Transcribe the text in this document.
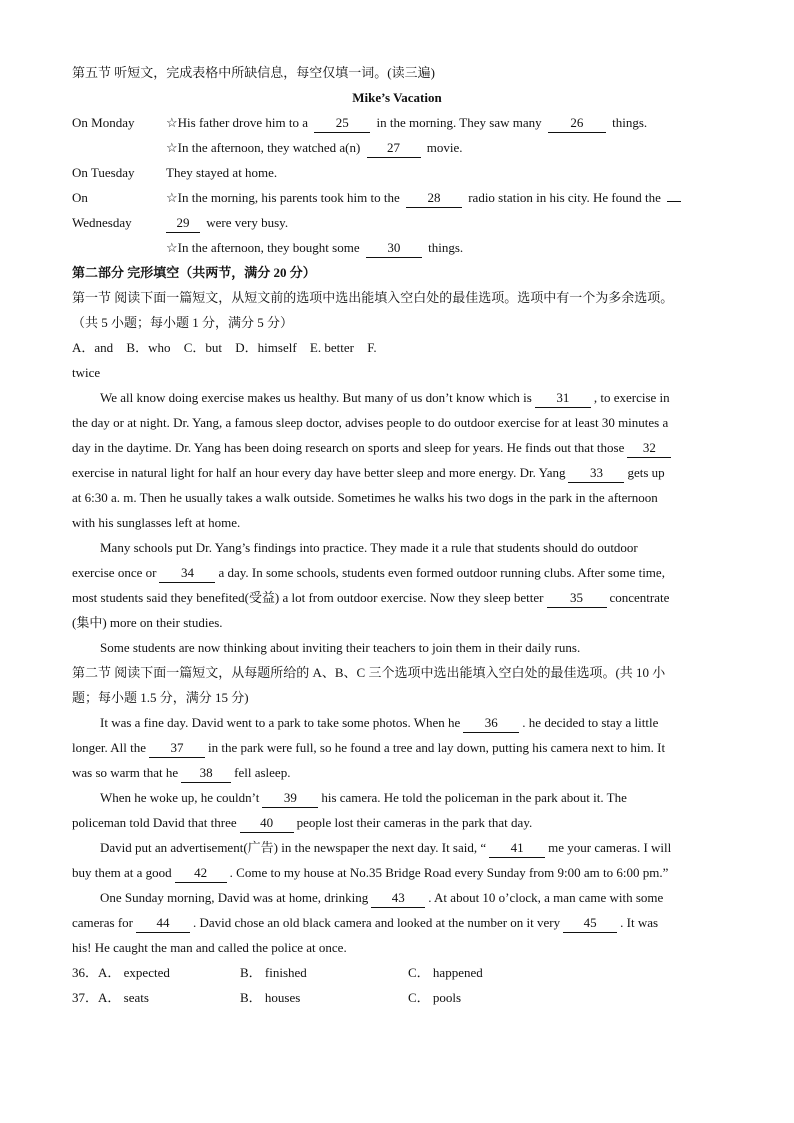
第五节 听短文，完成表格中所缺信息，每空仅填一词。(读三遍)
Mike’s Vacation
On Monday	☆His father drove him to a 25 in the morning. They saw many 26 things.
	☆In the afternoon, they watched a(n) 27 movie.
On Tuesday	They stayed at home.
On	☆In the morning, his parents took him to the 28 radio station in his city. He found the
Wednesday	29 were very busy.
	☆In the afternoon, they bought some 30 things.
第二部分 完形填空（共两节，满分 20 分）
第一节 阅读下面一篇短文，从短文前的选项中选出能填入空白处的最佳选项。选项中有一个为多余选项。
（共 5 小题；每小题 1 分，满分 5 分）
A．and B．who C．but D．himself E. better F.
twice
We all know doing exercise makes us healthy. But many of us don’t know which is 31 , to exercise in
the day or at night. Dr. Yang, a famous sleep doctor, advises people to do outdoor exercise for at least 30 minutes a
day in the daytime. Dr. Yang has been doing research on sports and sleep for years. He finds out that those 32
exercise in natural light for half an hour every day have better sleep and more energy. Dr. Yang 33 gets up
at 6:30 a. m. Then he usually takes a walk outside. Sometimes he walks his two dogs in the park in the afternoon
with his sunglasses left at home.
Many schools put Dr. Yang’s findings into practice. They made it a rule that students should do outdoor
exercise once or 34 a day. In some schools, students even formed outdoor running clubs. After some time,
most students said they benefited(受益) a lot from outdoor exercise. Now they sleep better 35 concentrate
(集中) more on their studies.
Some students are now thinking about inviting their teachers to join them in their daily runs.
第二节 阅读下面一篇短文，从每题所给的 A、B、C 三个选项中选出能填入空白处的最佳选项。(共 10 小
题；每小题 1.5 分，满分 15 分)
It was a fine day. David went to a park to take some photos. When he 36 . he decided to stay a little
longer. All the 37 in the park were full, so he found a tree and lay down, putting his camera next to him. It
was so warm that he 38 fell asleep.
When he woke up, he couldn’t 39 his camera. He told the policeman in the park about it. The
policeman told David that three 40 people lost their cameras in the park that day.
David put an advertisement(广告) in the newspaper the next day. It said, “ 41 me your cameras. I will
buy them at a good 42 . Come to my house at No.35 Bridge Road every Sunday from 9:00 am to 6:00 pm.”
One Sunday morning, David was at home, drinking 43 . At about 10 o’clock, a man came with some
cameras for 44 . David chose an old black camera and looked at the number on it very 45 . It was
his! He caught the man and called the police at once.
36．A． expected	B． finished	C． happened
37．A． seats	B． houses	C． pools
